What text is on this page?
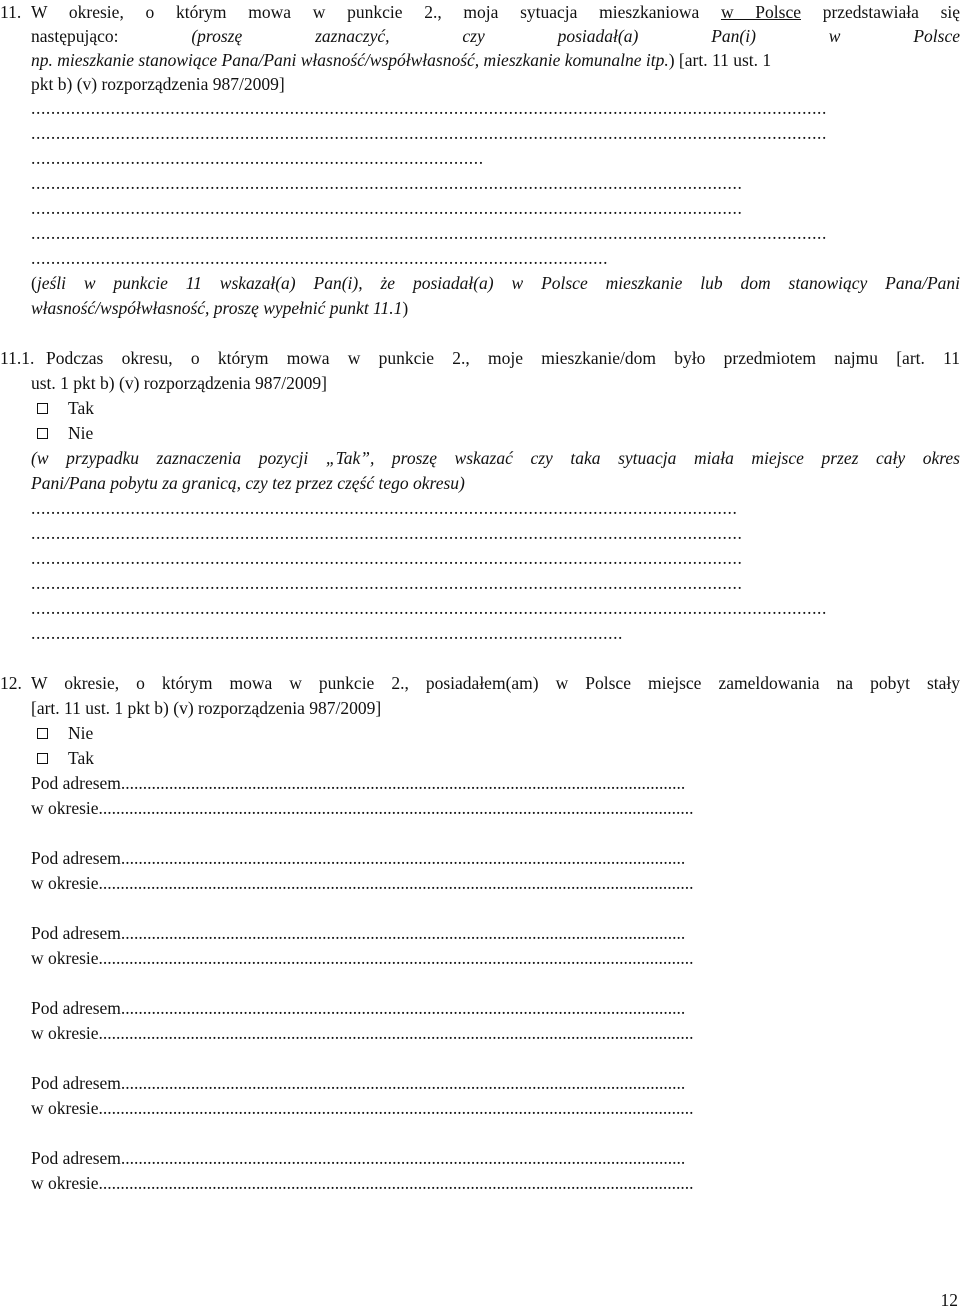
11. W okresie, o którym mowa w punkcie 2., moja sytuacja mieszkaniowa w Polsce przedstawiała się
następująco:	(proszę zaznaczyć, czy posiadał(a) Pan(i) w Polsce
np. mieszkanie stanowiące Pana/Pani własność/współwłasność, mieszkanie komunalne itp.) [art. 11 ust. 1
pkt b) (v) rozporządzenia 987/2009]
................................................................................................................................................................
................................................................................................................................................................
...........................................................................................
...............................................................................................................................................
...............................................................................................................................................
................................................................................................................................................................
....................................................................................................................
(jeśli w punkcie 11 wskazał(a) Pan(i), że posiadał(a) w Polsce mieszkanie lub dom stanowiący Pana/Pani
własność/współwłasność, proszę wypełnić punkt 11.1)
11.1. Podczas okresu, o którym mowa w punkcie 2., moje mieszkanie/dom było przedmiotem najmu [art. 11
ust. 1 pkt b) (v) rozporządzenia 987/2009]
Tak
Nie
(w przypadku zaznaczenia pozycji „Tak”, proszę wskazać czy taka sytuacja miała miejsce przez cały okres
Pani/Pana pobytu za granicą, czy tez przez część tego okresu)
..............................................................................................................................................
...............................................................................................................................................
...............................................................................................................................................
...............................................................................................................................................
................................................................................................................................................................
.......................................................................................................................
12. W okresie, o którym mowa w punkcie 2., posiadałem(am) w Polsce miejsce zameldowania na pobyt stały
[art. 11 ust. 1 pkt b) (v) rozporządzenia 987/2009]
Nie
Tak
Pod adresem.................................................................................................................................
w okresie........................................................................................................................................
Pod adresem.................................................................................................................................
w okresie........................................................................................................................................
Pod adresem.................................................................................................................................
w okresie........................................................................................................................................
Pod adresem.................................................................................................................................
w okresie........................................................................................................................................
Pod adresem.................................................................................................................................
w okresie........................................................................................................................................
Pod adresem.................................................................................................................................
w okresie........................................................................................................................................
12
